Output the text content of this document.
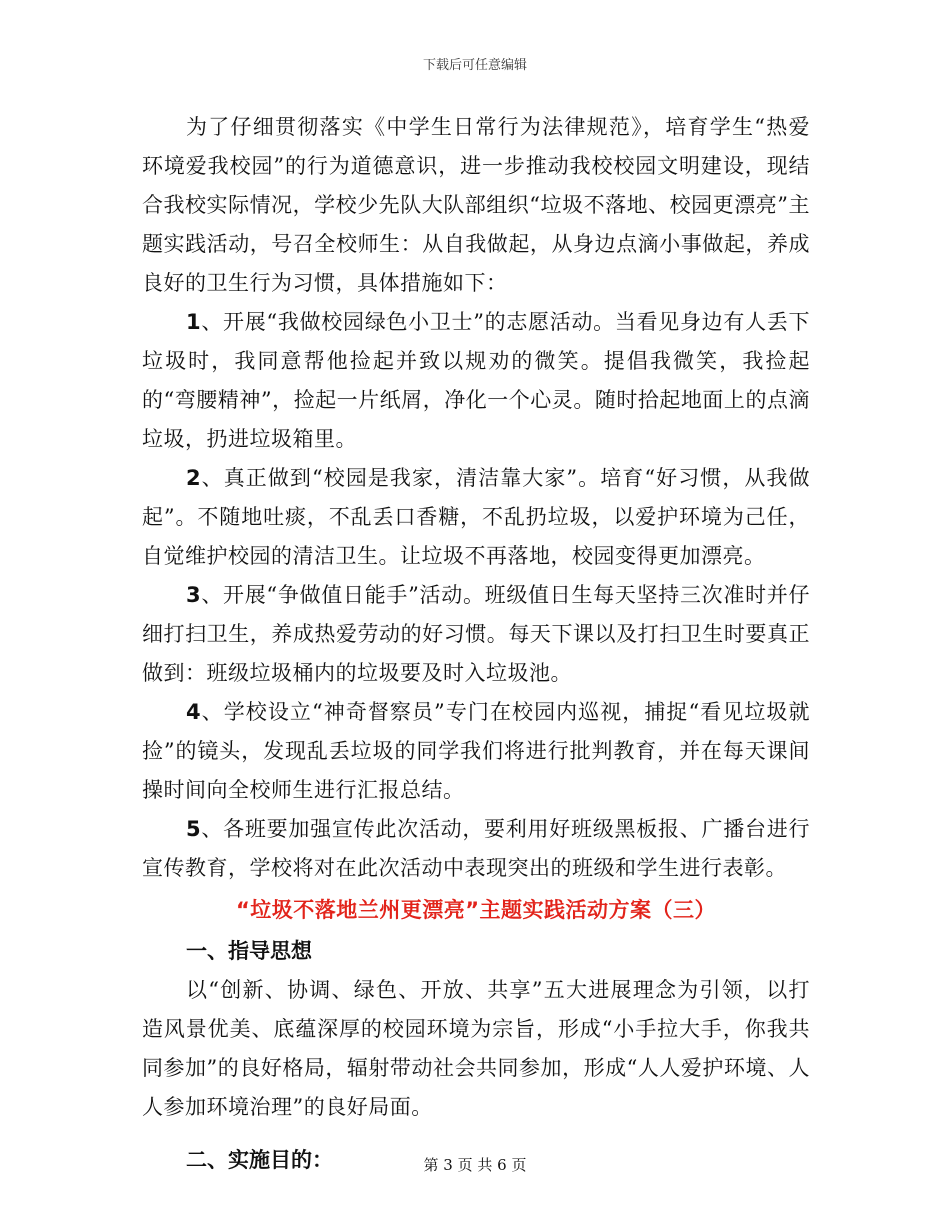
下载后可任意编辑

为了仔细贯彻落实《中学生日常行为法律规范》，培育学生“热爱环境爱我校园”的行为道德意识，进一步推动我校校园文明建设，现结合我校实际情况，学校少先队大队部组织“垃圾不落地、校园更漂亮”主题实践活动，号召全校师生：从自我做起，从身边点滴小事做起，养成良好的卫生行为习惯，具体措施如下：

1、开展“我做校园绿色小卫士”的志愿活动。当看见身边有人丢下垃圾时，我同意帮他捡起并致以规劝的微笑。提倡我微笑，我捡起的“弯腰精神”，捡起一片纸屑，净化一个心灵。随时拾起地面上的点滴垃圾，扔进垃圾箱里。

2、真正做到“校园是我家，清洁靠大家”。培育“好习惯，从我做起”。不随地吐痰，不乱丢口香糖，不乱扔垃圾，以爱护环境为己任，自觉维护校园的清洁卫生。让垃圾不再落地，校园变得更加漂亮。

3、开展“争做值日能手”活动。班级值日生每天坚持三次准时并仔细打扫卫生，养成热爱劳动的好习惯。每天下课以及打扫卫生时要真正做到：班级垃圾桶内的垃圾要及时入垃圾池。

4、学校设立“神奇督察员”专门在校园内巡视，捕捉“看见垃圾就捡”的镜头，发现乱丢垃圾的同学我们将进行批判教育，并在每天课间操时间向全校师生进行汇报总结。

5、各班要加强宣传此次活动，要利用好班级黑板报、广播台进行宣传教育，学校将对在此次活动中表现突出的班级和学生进行表彰。

“垃圾不落地兰州更漂亮”主题实践活动方案（三）

一、指导思想

以“创新、协调、绿色、开放、共享”五大进展理念为引领，以打造风景优美、底蕴深厚的校园环境为宗旨，形成“小手拉大手，你我共同参加”的良好格局，辐射带动社会共同参加，形成“人人爱护环境、人人参加环境治理”的良好局面。

二、实施目的：	第 3 页 共 6 页
